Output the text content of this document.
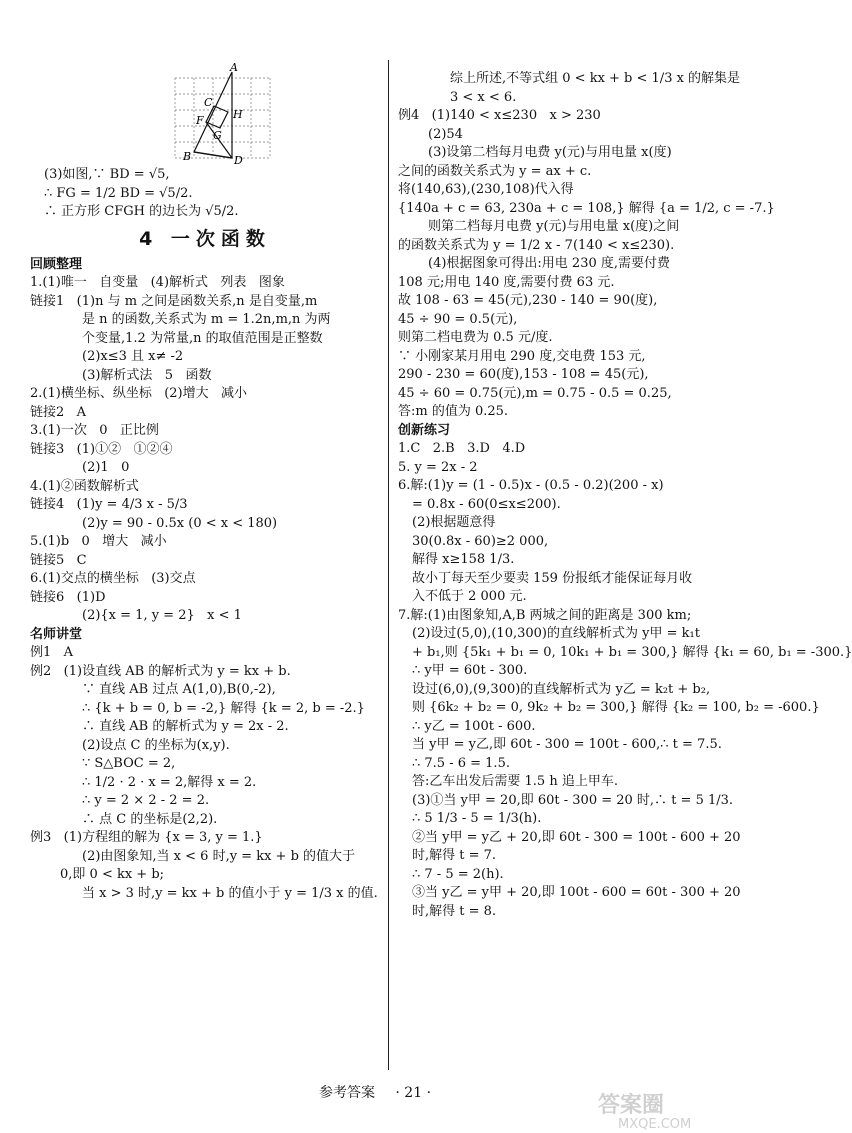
A
B
C
D
F
G
H
(3)如图,∵ BD = √5,
∴ FG = 1/2 BD = √5/2.
∴ 正方形 CFGH 的边长为 √5/2.
4 一次函数
回顾整理
1.(1)唯一   自变量   (4)解析式   列表   图象
链接1   (1)n 与 m 之间是函数关系,n 是自变量,m
是 n 的函数,关系式为 m = 1.2n,m,n 为两
个变量,1.2 为常量,n 的取值范围是正整数
(2)x≤3 且 x≠ -2
(3)解析式法   5   函数
2.(1)横坐标、纵坐标   (2)增大   减小
链接2   A
3.(1)一次   0   正比例
链接3   (1)①②   ①②④
(2)1   0
4.(1)②函数解析式
链接4   (1)y = 4/3 x - 5/3
(2)y = 90 - 0.5x (0 < x < 180)
5.(1)b   0   增大   减小
链接5   C
6.(1)交点的横坐标   (3)交点
链接6   (1)D
(2){x = 1, y = 2}   x < 1
名师讲堂
例1   A
例2   (1)设直线 AB 的解析式为 y = kx + b.
∵ 直线 AB 过点 A(1,0),B(0,-2),
∴ {k + b = 0, b = -2,} 解得 {k = 2, b = -2.}
∴ 直线 AB 的解析式为 y = 2x - 2.
(2)设点 C 的坐标为(x,y).
∵ S△BOC = 2,
∴ 1/2 · 2 · x = 2,解得 x = 2.
∴ y = 2 × 2 - 2 = 2.
∴ 点 C 的坐标是(2,2).
例3   (1)方程组的解为 {x = 3, y = 1.}
(2)由图象知,当 x < 6 时,y = kx + b 的值大于
0,即 0 < kx + b;
当 x > 3 时,y = kx + b 的值小于 y = 1/3 x 的值.
综上所述,不等式组 0 < kx + b < 1/3 x 的解集是
3 < x < 6.
例4   (1)140 < x≤230   x > 230
(2)54
(3)设第二档每月电费 y(元)与用电量 x(度)
之间的函数关系式为 y = ax + c.
将(140,63),(230,108)代入得
{140a + c = 63, 230a + c = 108,} 解得 {a = 1/2, c = -7.}
则第二档每月电费 y(元)与用电量 x(度)之间
的函数关系式为 y = 1/2 x - 7(140 < x≤230).
(4)根据图象可得出:用电 230 度,需要付费
108 元;用电 140 度,需要付费 63 元.
故 108 - 63 = 45(元),230 - 140 = 90(度),
45 ÷ 90 = 0.5(元),
则第二档电费为 0.5 元/度.
∵ 小刚家某月用电 290 度,交电费 153 元,
290 - 230 = 60(度),153 - 108 = 45(元),
45 ÷ 60 = 0.75(元),m = 0.75 - 0.5 = 0.25,
答:m 的值为 0.25.
创新练习
1.C   2.B   3.D   4.D
5. y = 2x - 2
6.解:(1)y = (1 - 0.5)x - (0.5 - 0.2)(200 - x)
= 0.8x - 60(0≤x≤200).
(2)根据题意得
30(0.8x - 60)≥2 000,
解得 x≥158 1/3.
故小丁每天至少要卖 159 份报纸才能保证每月收
入不低于 2 000 元.
7.解:(1)由图象知,A,B 两城之间的距离是 300 km;
(2)设过(5,0),(10,300)的直线解析式为 y甲 = k₁t
+ b₁,则 {5k₁ + b₁ = 0, 10k₁ + b₁ = 300,} 解得 {k₁ = 60, b₁ = -300.}
∴ y甲 = 60t - 300.
设过(6,0),(9,300)的直线解析式为 y乙 = k₂t + b₂,
则 {6k₂ + b₂ = 0, 9k₂ + b₂ = 300,} 解得 {k₂ = 100, b₂ = -600.}
∴ y乙 = 100t - 600.
当 y甲 = y乙,即 60t - 300 = 100t - 600,∴ t = 7.5.
∴ 7.5 - 6 = 1.5.
答:乙车出发后需要 1.5 h 追上甲车.
(3)①当 y甲 = 20,即 60t - 300 = 20 时,∴ t = 5 1/3.
∴ 5 1/3 - 5 = 1/3(h).
②当 y甲 = y乙 + 20,即 60t - 300 = 100t - 600 + 20
时,解得 t = 7.
∴ 7 - 5 = 2(h).
③当 y乙 = y甲 + 20,即 100t - 600 = 60t - 300 + 20
时,解得 t = 8.
参考答案 · 21 ·	答案圈
MXQE.COM
